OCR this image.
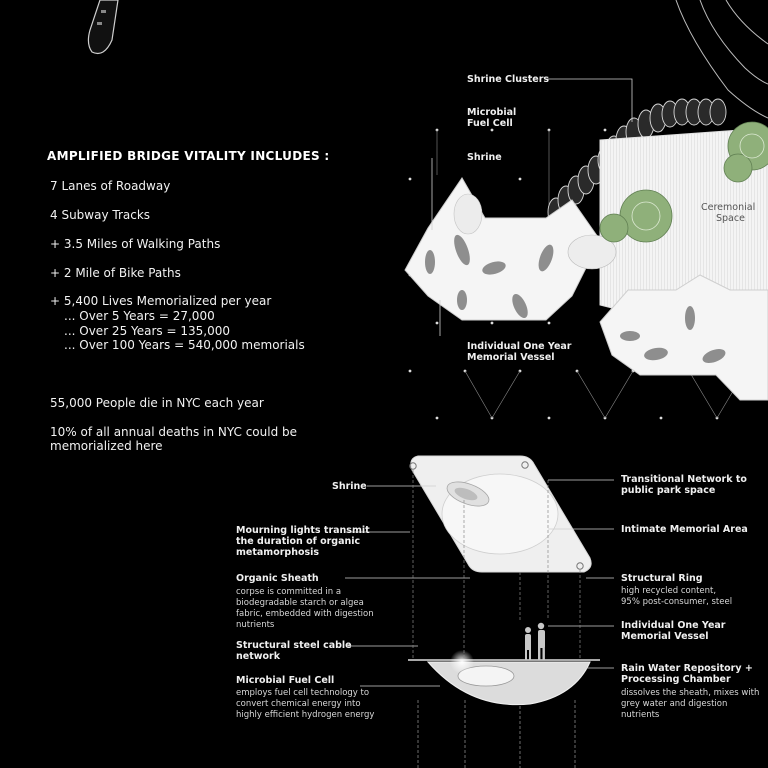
AMPLIFIED BRIDGE VITALITY INCLUDES :
7 Lanes of Roadway
4 Subway Tracks
+ 3.5 Miles of Walking Paths
+ 2 Mile of Bike Paths
+ 5,400 Lives Memorialized per year
... Over 5 Years = 27,000
... Over 25 Years = 135,000
... Over 100 Years = 540,000 memorials
55,000 People die in NYC each year
10% of all annual deaths in NYC could be
memorialized here
Shrine Clusters
Microbial
Fuel Cell
Shrine
Ceremonial
Space
Individual One Year
Memorial Vessel
Shrine
Mourning lights transmit
the duration of organic
metamorphosis
Organic Sheath
corpse is committed in a
biodegradable starch or algea
fabric, embedded with digestion
nutrients
Structural steel cable
network
Microbial Fuel Cell
employs fuel cell technology to
convert chemical energy into
highly efficient hydrogen energy
Transitional Network to
public park space
Intimate Memorial Area
Structural Ring
high recycled content,
95% post-consumer, steel
Individual One Year
Memorial Vessel
Rain Water Repository +
Processing Chamber
dissolves the sheath, mixes with
grey water and digestion
nutrients
